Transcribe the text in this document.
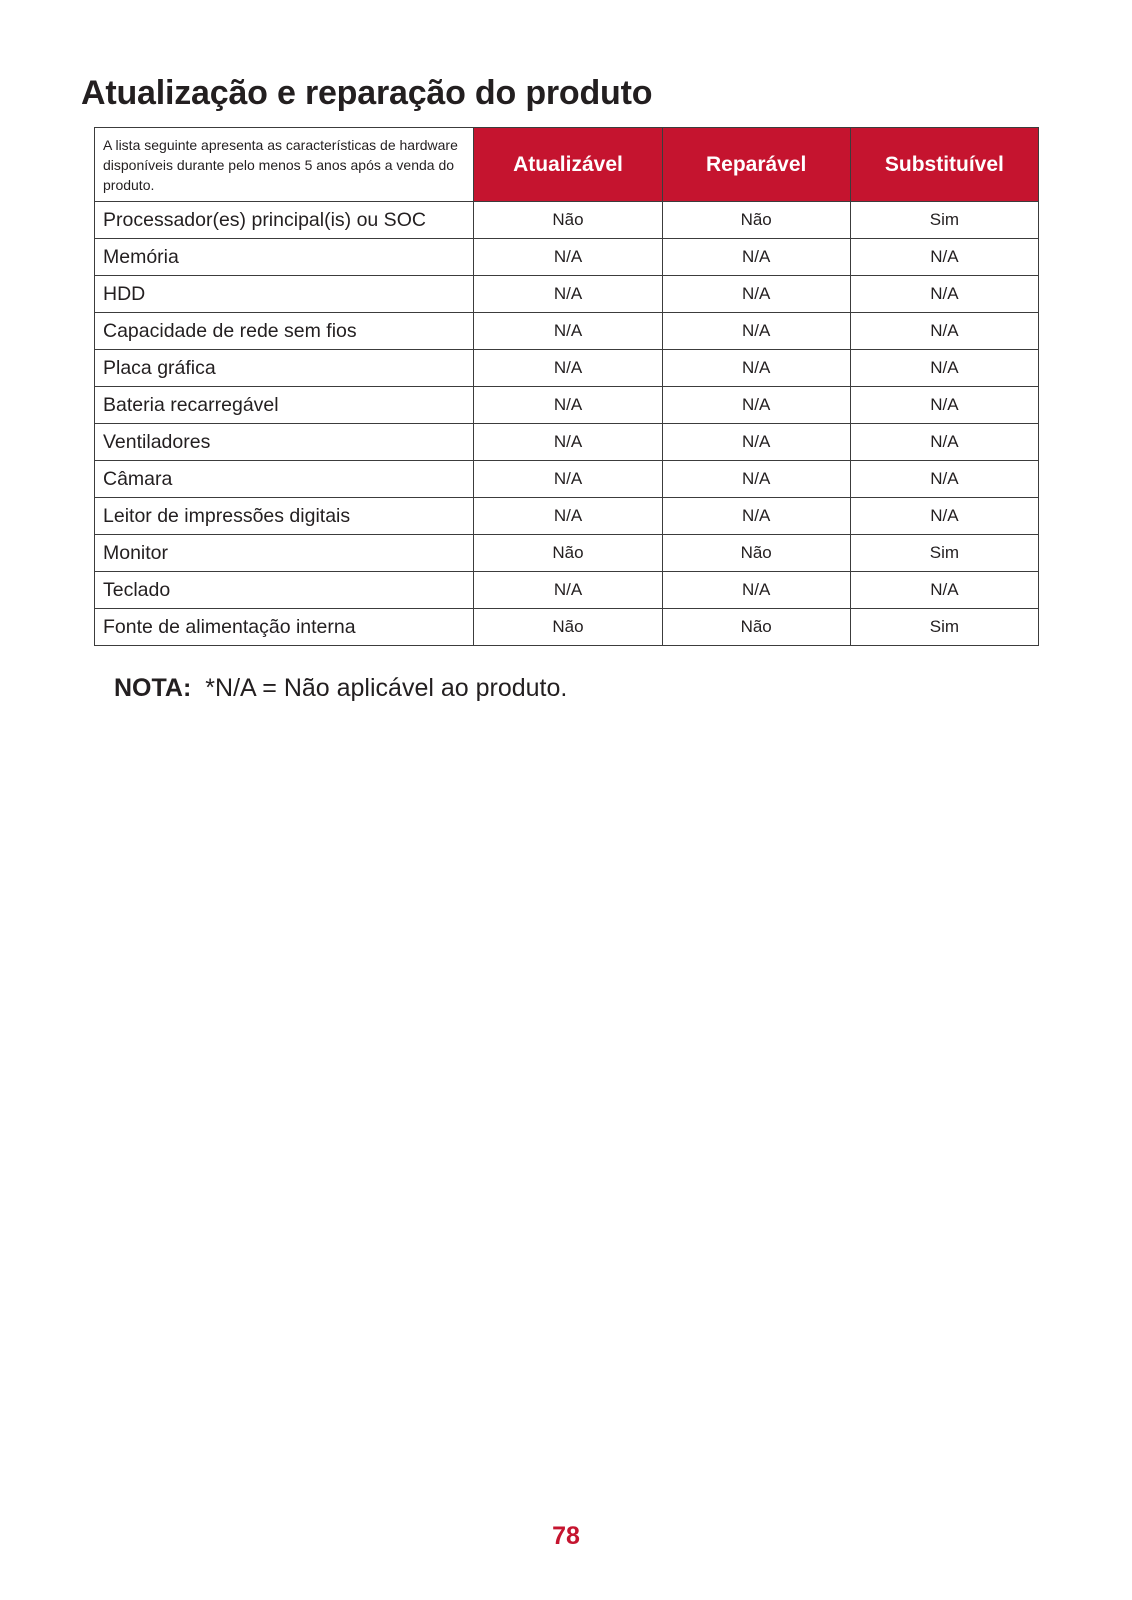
Atualização e reparação do produto
A lista seguinte apresenta as características de hardware disponíveis durante pelo menos 5 anos após a venda do produto.	Atualizável	Reparável	Substituível
Processador(es) principal(is) ou SOC	Não	Não	Sim
Memória	N/A	N/A	N/A
HDD	N/A	N/A	N/A
Capacidade de rede sem fios	N/A	N/A	N/A
Placa gráfica	N/A	N/A	N/A
Bateria recarregável	N/A	N/A	N/A
Ventiladores	N/A	N/A	N/A
Câmara	N/A	N/A	N/A
Leitor de impressões digitais	N/A	N/A	N/A
Monitor	Não	Não	Sim
Teclado	N/A	N/A	N/A
Fonte de alimentação interna	Não	Não	Sim
NOTA: *N/A = Não aplicável ao produto.
78
